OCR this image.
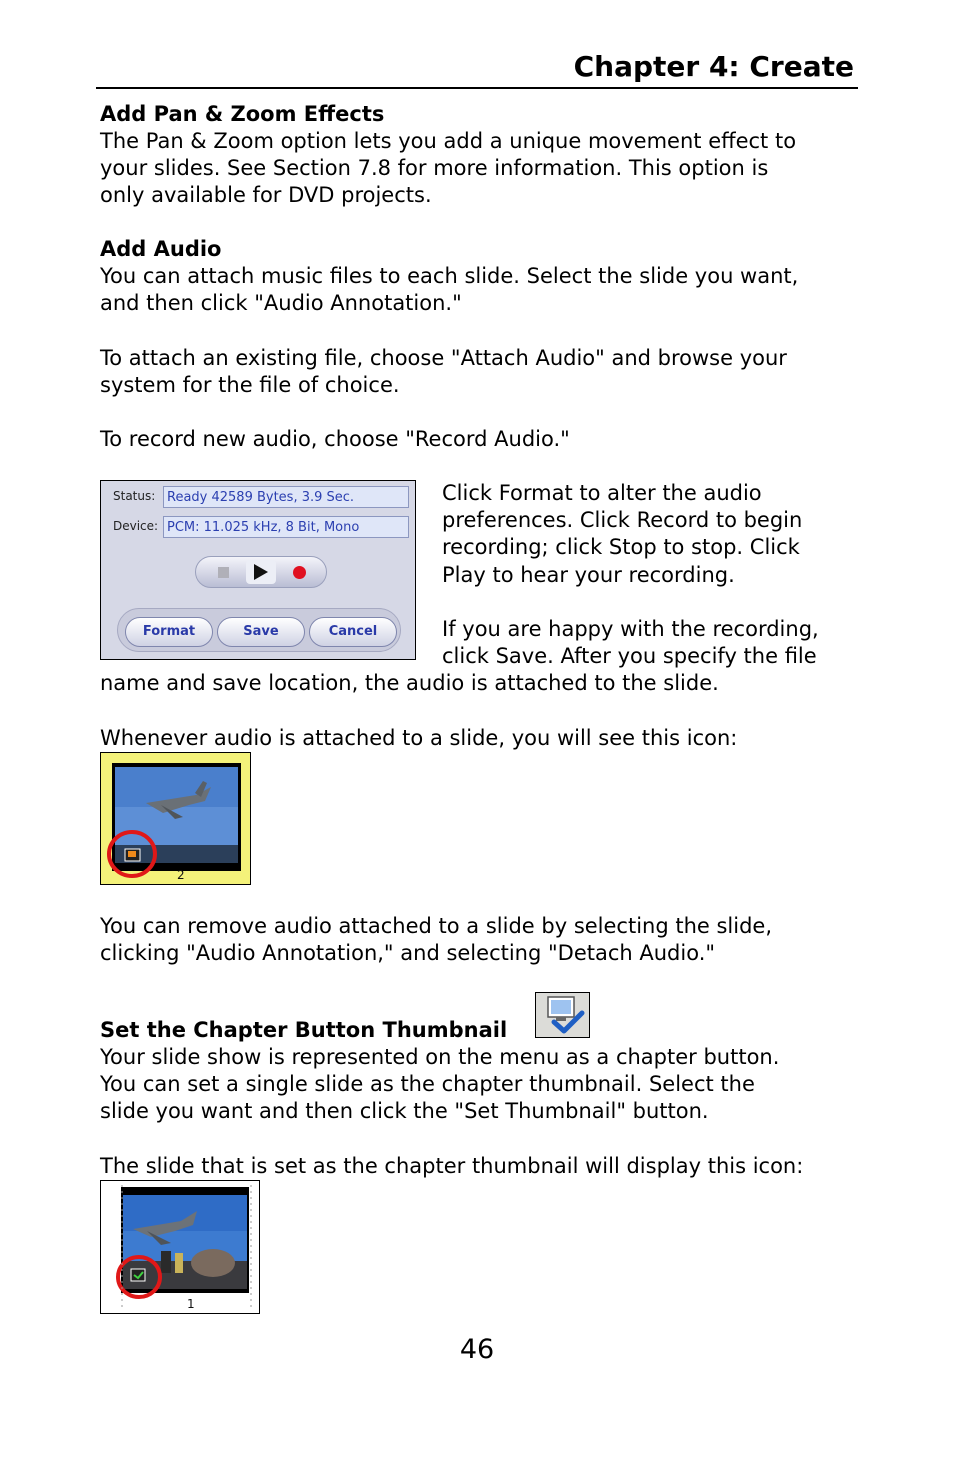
Chapter 4: Create
Add Pan & Zoom Effects

The Pan & Zoom option lets you add a unique movement effect to

your slides. See Section 7.8 for more information. This option is

only available for DVD projects.

Add Audio

You can attach music files to each slide. Select the slide you want,

and then click "Audio Annotation."

To attach an existing file, choose "Attach Audio" and browse your

system for the file of choice.

To record new audio, choose "Record Audio."

Status: Ready 42589 Bytes, 3.9 Sec.
Device: PCM: 11.025 kHz, 8 Bit, Mono
Format	Save	Cancel

Click Format to alter the audio

preferences. Click Record to begin

recording; click Stop to stop. Click

Play to hear your recording.

If you are happy with the recording,

click Save. After you specify the file

name and save location, the audio is attached to the slide.

Whenever audio is attached to a slide, you will see this icon:

2

You can remove audio attached to a slide by selecting the slide,

clicking "Audio Annotation," and selecting "Detach Audio."

Set the Chapter Button Thumbnail

Your slide show is represented on the menu as a chapter button.

You can set a single slide as the chapter thumbnail. Select the

slide you want and then click the "Set Thumbnail" button.

The slide that is set as the chapter thumbnail will display this icon:

1
46
